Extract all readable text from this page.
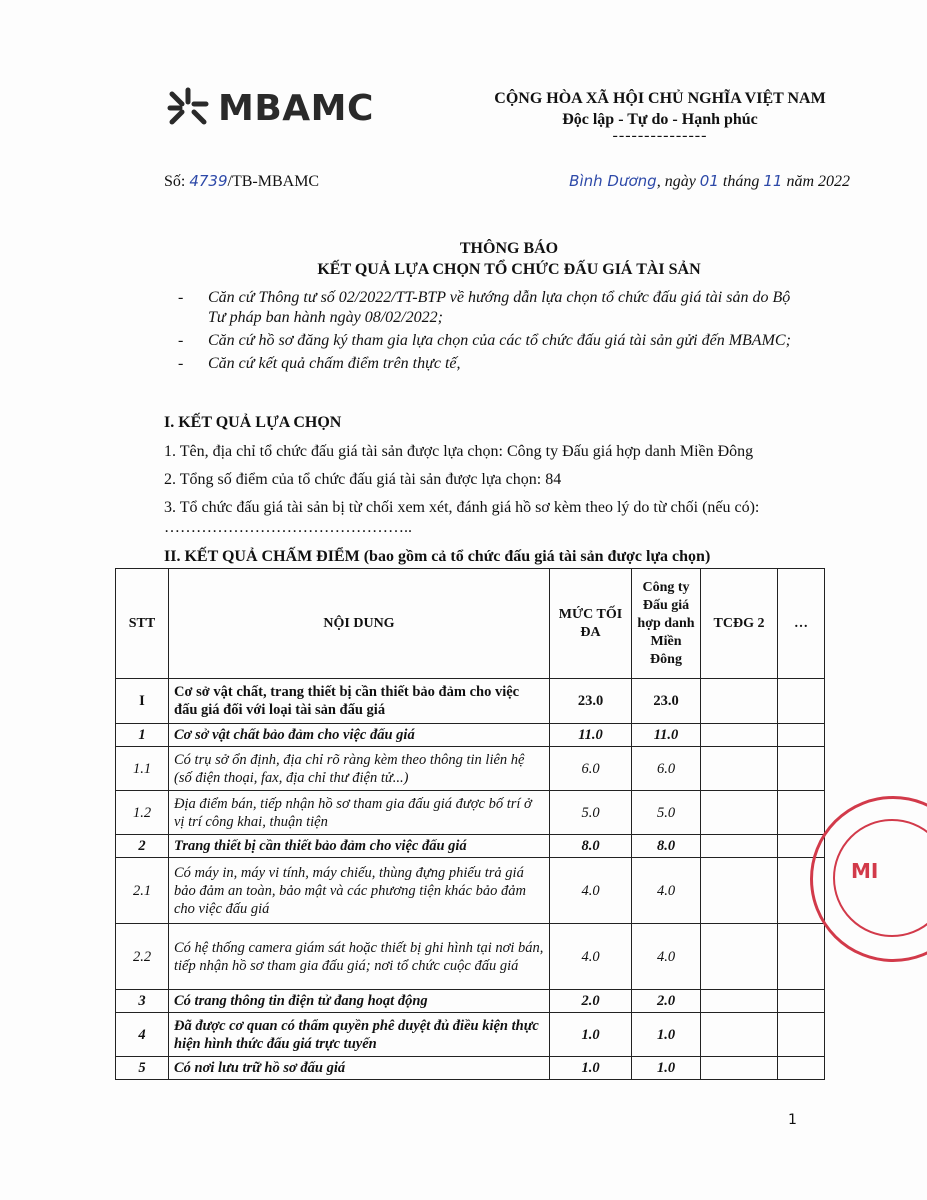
MBAMC	CỘNG HÒA XÃ HỘI CHỦ NGHĨA VIỆT NAM
Độc lập - Tự do - Hạnh phúc
---------------
Số: 4739/TB-MBAMC	Bình Dương, ngày 01 tháng 11 năm 2022
THÔNG BÁO
KẾT QUẢ LỰA CHỌN TỔ CHỨC ĐẤU GIÁ TÀI SẢN
-	Căn cứ Thông tư số 02/2022/TT-BTP về hướng dẫn lựa chọn tổ chức đấu giá tài sản do Bộ Tư pháp ban hành ngày 08/02/2022;
-	Căn cứ hồ sơ đăng ký tham gia lựa chọn của các tổ chức đấu giá tài sản gửi đến MBAMC;
-	Căn cứ kết quả chấm điểm trên thực tế,
I. KẾT QUẢ LỰA CHỌN
1. Tên, địa chỉ tổ chức đấu giá tài sản được lựa chọn: Công ty Đấu giá hợp danh Miền Đông
2. Tổng số điểm của tổ chức đấu giá tài sản được lựa chọn: 84
3. Tổ chức đấu giá tài sản bị từ chối xem xét, đánh giá hồ sơ kèm theo lý do từ chối (nếu có): ………………………………………..
II. KẾT QUẢ CHẤM ĐIỂM (bao gồm cả tổ chức đấu giá tài sản được lựa chọn)
STT	NỘI DUNG	MỨC TỐI ĐA	Công ty Đấu giá hợp danh Miền Đông	TCĐG 2	…
I	Cơ sở vật chất, trang thiết bị cần thiết bảo đảm cho việc đấu giá đối với loại tài sản đấu giá	23.0	23.0		
1	Cơ sở vật chất bảo đảm cho việc đấu giá	11.0	11.0		
1.1	Có trụ sở ổn định, địa chỉ rõ ràng kèm theo thông tin liên hệ (số điện thoại, fax, địa chỉ thư điện tử...)	6.0	6.0		
1.2	Địa điểm bán, tiếp nhận hồ sơ tham gia đấu giá được bố trí ở vị trí công khai, thuận tiện	5.0	5.0		
2	Trang thiết bị cần thiết bảo đảm cho việc đấu giá	8.0	8.0		
2.1	Có máy in, máy vi tính, máy chiếu, thùng đựng phiếu trả giá bảo đảm an toàn, bảo mật và các phương tiện khác bảo đảm cho việc đấu giá	4.0	4.0		
2.2	Có hệ thống camera giám sát hoặc thiết bị ghi hình tại nơi bán, tiếp nhận hồ sơ tham gia đấu giá; nơi tổ chức cuộc đấu giá	4.0	4.0		
3	Có trang thông tin điện tử đang hoạt động	2.0	2.0		
4	Đã được cơ quan có thẩm quyền phê duyệt đủ điều kiện thực hiện hình thức đấu giá trực tuyến	1.0	1.0		
5	Có nơi lưu trữ hồ sơ đấu giá	1.0	1.0		
MI
1
